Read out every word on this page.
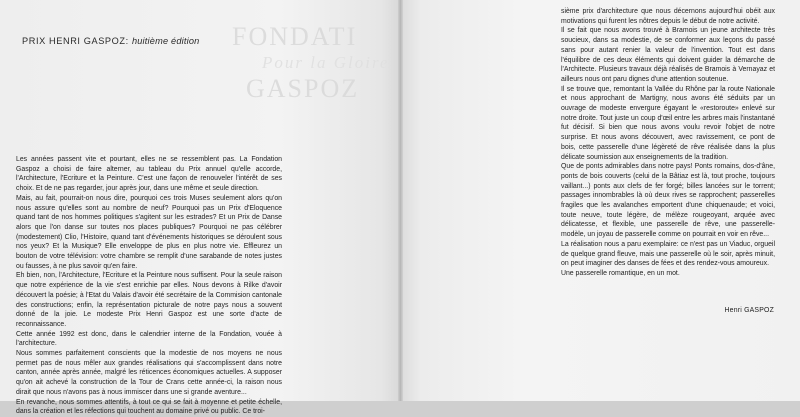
FONDATI
Pour la Gloire
GASPOZ
PRIX HENRI GASPOZ: huitième édition

Les années passent vite et pourtant, elles ne se ressemblent pas. La Fondation Gaspoz a choisi de faire alterner, au tableau du Prix annuel qu'elle accorde, l'Architecture, l'Ecriture et la Peinture. C'est une façon de renouveler l'intérêt de ses choix. Et de ne pas regarder, jour après jour, dans une même et seule direction.

Mais, au fait, pourrait-on nous dire, pourquoi ces trois Muses seulement alors qu'on nous assure qu'elles sont au nombre de neuf? Pourquoi pas un Prix d'Eloquence quand tant de nos hommes politiques s'agitent sur les estrades? Et un Prix de Danse alors que l'on danse sur toutes nos places publiques? Pourquoi ne pas célébrer (modestement) Clio, l'Histoire, quand tant d'événements historiques se déroulent sous nos yeux? Et la Musique? Elle enveloppe de plus en plus notre vie. Effleurez un bouton de votre télévision: votre chambre se remplit d'une sarabande de notes justes ou fausses, à ne plus savoir qu'en faire.

Eh bien, non, l'Architecture, l'Ecriture et la Peinture nous suffisent. Pour la seule raison que notre expérience de la vie s'est enrichie par elles. Nous devons à Rilke d'avoir découvert la poésie; à l'Etat du Valais d'avoir été secrétaire de la Commision cantonale des constructions; enfin, la représentation picturale de notre pays nous a souvent donné de la joie. Le modeste Prix Henri Gaspoz est une sorte d'acte de reconnaissance.

Cette année 1992 est donc, dans le calendrier interne de la Fondation, vouée à l'architecture.

Nous sommes parfaitement conscients que la modestie de nos moyens ne nous permet pas de nous mêler aux grandes réalisations qui s'accomplissent dans notre canton, année après année, malgré les réticences économiques actuelles. A supposer qu'on ait achevé la construction de la Tour de Crans cette année-ci, la raison nous dirait que nous n'avons pas à nous immiscer dans une si grande aventure...

En revanche, nous sommes attentifs, à tout ce qui se fait à moyenne et petite échelle, dans la création et les réfections qui touchent au domaine privé ou public. Ce troi-

sième prix d'architecture que nous décernons aujourd'hui obéit aux motivations qui furent les nôtres depuis le début de notre activité.

Il se fait que nous avons trouvé à Bramois un jeune architecte très soucieux, dans sa modestie, de se conformer aux leçons du passé sans pour autant renier la valeur de l'invention. Tout est dans l'équilibre de ces deux éléments qui doivent guider la démarche de l'Architecte. Plusieurs travaux déjà réalisés de Bramois à Vernayaz et ailleurs nous ont paru dignes d'une attention soutenue.

Il se trouve que, remontant la Vallée du Rhône par la route Nationale et nous approchant de Martigny, nous avons été séduits par un ouvrage de modeste envergure égayant le «restoroute» enlevé sur notre droite. Tout juste un coup d'œil entre les arbres mais l'instantané fut décisif. Si bien que nous avons voulu revoir l'objet de notre surprise. Et nous avons découvert, avec ravissement, ce pont de bois, cette passerelle d'une légèreté de rêve réalisée dans la plus délicate soumission aux enseignements de la tradition.

Que de ponts admirables dans notre pays! Ponts romains, dos-d'âne, ponts de bois couverts (celui de la Bâtiaz est là, tout proche, toujours vaillant...) ponts aux clefs de fer forgé; billes lancées sur le torrent; passages innombrables là où deux rives se rapprochent; passerelles fragiles que les avalanches emportent d'une chiquenaude; et voici, toute neuve, toute légère, de mélèze rougeoyant, arquée avec délicatesse, et flexible, une passerelle de rêve, une passerelle-modèle, un joyau de passerelle comme on pourrait en voir en rêve...

La réalisation nous a paru exemplaire: ce n'est pas un Viaduc, orgueil de quelque grand fleuve, mais une passerelle où le soir, après minuit, on peut imaginer des danses de fées et des rendez-vous amoureux.

Une passerelle romantique, en un mot.

Henri GASPOZ
